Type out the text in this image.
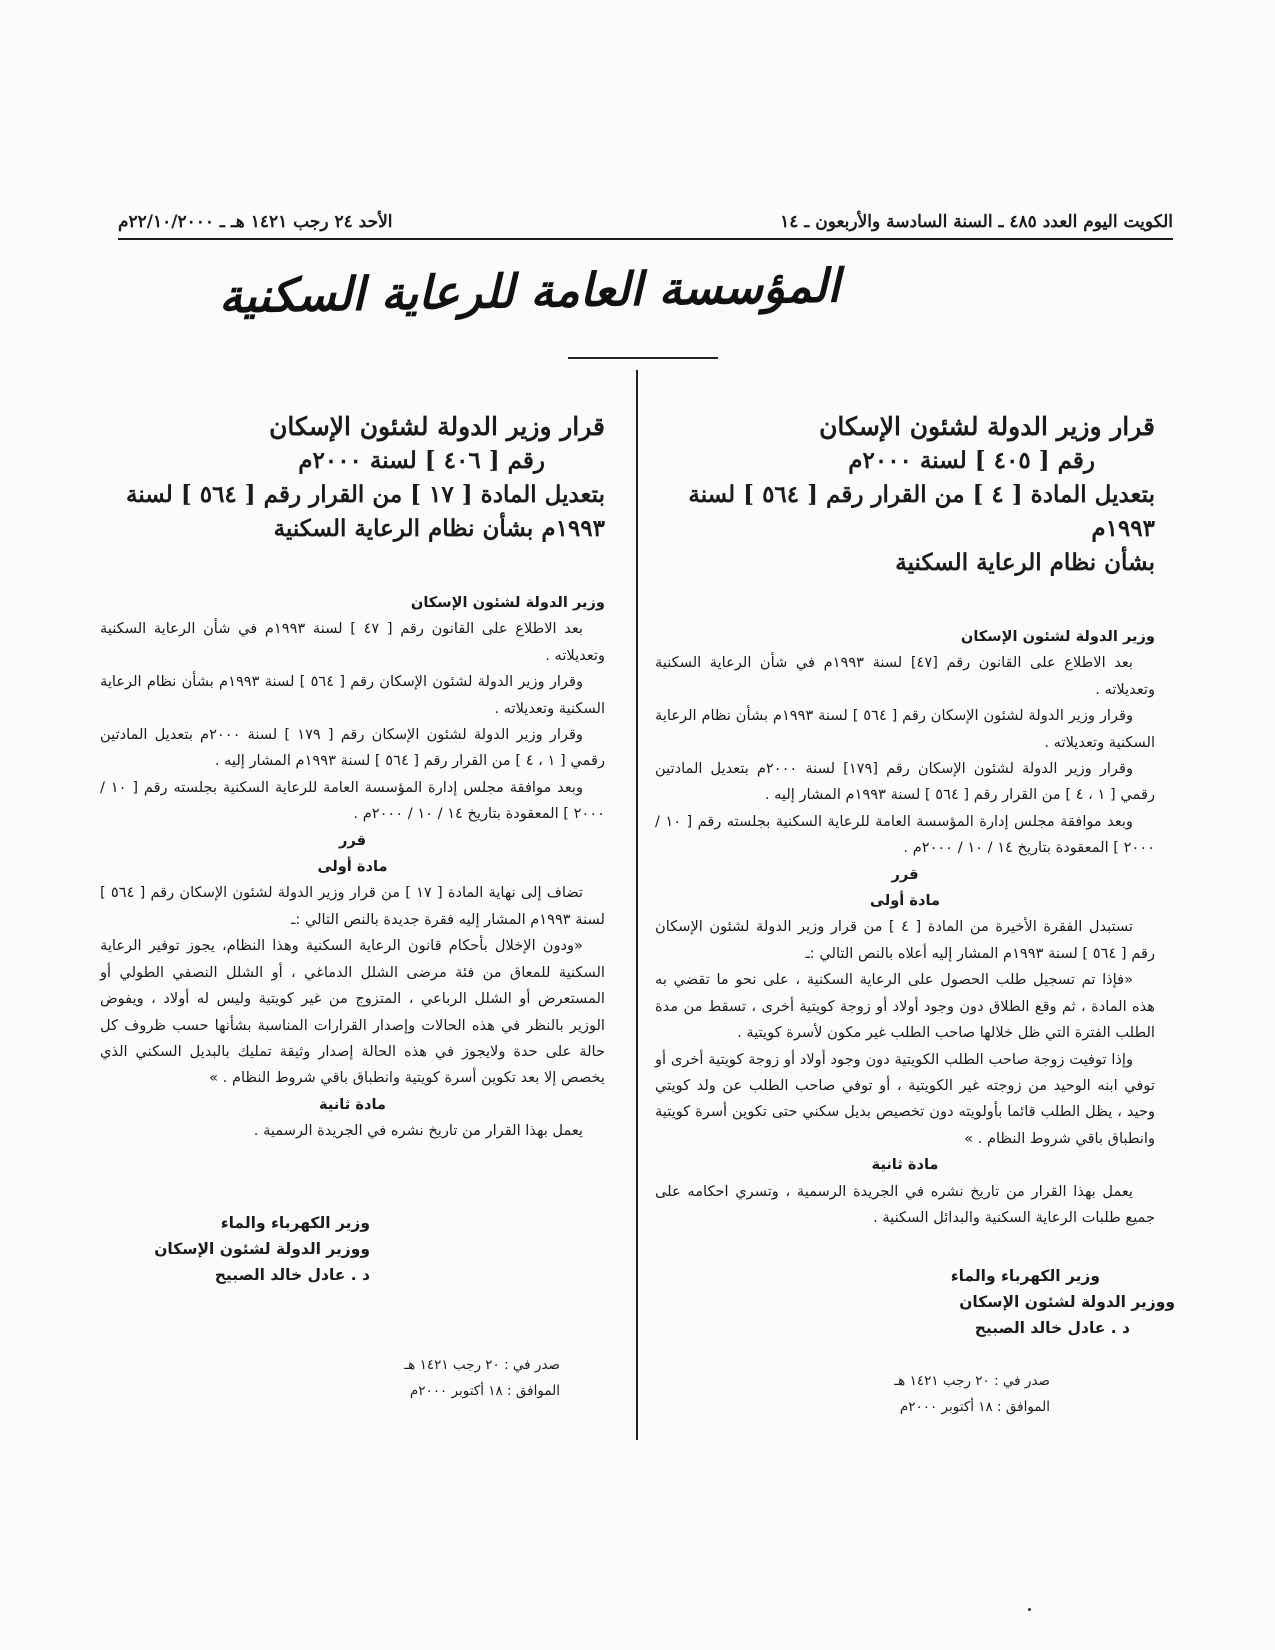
الكويت اليوم العدد ٤٨٥ ـ السنة السادسة والأربعون ـ ١٤
الأحد ٢٤ رجب ١٤٢١ هـ ـ ٢٢/١٠/٢٠٠٠م
المؤسسة العامة للرعاية السكنية

قرار وزير الدولة لشئون الإسكان

رقم [ ٤٠٥ ] لسنة ٢٠٠٠م

بتعديل المادة [ ٤ ] من القرار رقم [ ٥٦٤ ] لسنة ١٩٩٣م

بشأن نظام الرعاية السكنية

وزير الدولة لشئون الإسكان

بعد الاطلاع على القانون رقم [٤٧] لسنة ١٩٩٣م في شأن الرعاية السكنية وتعديلاته .

وقرار وزير الدولة لشئون الإسكان رقم [ ٥٦٤ ] لسنة ١٩٩٣م بشأن نظام الرعاية السكنية وتعديلاته .

وقرار وزير الدولة لشئون الإسكان رقم [١٧٩] لسنة ٢٠٠٠م بتعديل المادتين رقمي [ ١ ، ٤ ] من القرار رقم [ ٥٦٤ ] لسنة ١٩٩٣م المشار إليه .

وبعد موافقة مجلس إدارة المؤسسة العامة للرعاية السكنية بجلسته رقم [ ١٠ / ٢٠٠٠ ] المعقودة بتاريخ ١٤ / ١٠ / ٢٠٠٠م .

قرر

مادة أولى

تستبدل الفقرة الأخيرة من المادة [ ٤ ] من قرار وزير الدولة لشئون الإسكان رقم [ ٥٦٤ ] لسنة ١٩٩٣م المشار إليه أعلاه بالنص التالي :ـ

«فإذا تم تسجيل طلب الحصول على الرعاية السكنية ، على نحو ما تقضي به هذه المادة ، ثم وقع الطلاق دون وجود أولاد أو زوجة كويتية أخرى ، تسقط من مدة الطلب الفترة التي ظل خلالها صاحب الطلب غير مكون لأسرة كويتية .

وإذا توفيت زوجة صاحب الطلب الكويتية دون وجود أولاد أو زوجة كويتية أخرى أو توفي ابنه الوحيد من زوجته غير الكويتية ، أو توفي صاحب الطلب عن ولد كويتي وحيد ، يظل الطلب قائما بأولويته دون تخصيص بديل سكني حتى تكوين أسرة كويتية وانطباق باقي شروط النظام . »

مادة ثانية

يعمل بهذا القرار من تاريخ نشره في الجريدة الرسمية ، وتسري احكامه على جميع طلبات الرعاية السكنية والبدائل السكنية .

وزير الكهرباء والماء
ووزير الدولة لشئون الإسكان
د . عادل خالد الصبيح
صدر في : ٢٠ رجب ١٤٢١ هـ
الموافق : ١٨ أكتوبر ٢٠٠٠م

قرار وزير الدولة لشئون الإسكان

رقم [ ٤٠٦ ] لسنة ٢٠٠٠م

بتعديل المادة [ ١٧ ] من القرار رقم [ ٥٦٤ ] لسنة

١٩٩٣م بشأن نظام الرعاية السكنية

وزير الدولة لشئون الإسكان

بعد الاطلاع على القانون رقم [ ٤٧ ] لسنة ١٩٩٣م في شأن الرعاية السكنية وتعديلاته .

وقرار وزير الدولة لشئون الإسكان رقم [ ٥٦٤ ] لسنة ١٩٩٣م بشأن نظام الرعاية السكنية وتعديلاته .

وقرار وزير الدولة لشئون الإسكان رقم [ ١٧٩ ] لسنة ٢٠٠٠م بتعديل المادتين رقمي [ ١ ، ٤ ] من القرار رقم [ ٥٦٤ ] لسنة ١٩٩٣م المشار إليه .

وبعد موافقة مجلس إدارة المؤسسة العامة للرعاية السكنية بجلسته رقم [ ١٠ / ٢٠٠٠ ] المعقودة بتاريخ ١٤ / ١٠ / ٢٠٠٠م .

قرر

مادة أولى

تضاف إلى نهاية المادة [ ١٧ ] من قرار وزير الدولة لشئون الإسكان رقم [ ٥٦٤ ] لسنة ١٩٩٣م المشار إليه فقرة جديدة بالنص التالي :ـ

«ودون الإخلال بأحكام قانون الرعاية السكنية وهذا النظام، يجوز توفير الرعاية السكنية للمعاق من فئة مرضى الشلل الدماغي ، أو الشلل النصفي الطولي أو المستعرض أو الشلل الرباعي ، المتزوج من غير كويتية وليس له أولاد ، ويفوض الوزير بالنظر في هذه الحالات وإصدار القرارات المناسبة بشأنها حسب ظروف كل حالة على حدة ولايجوز في هذه الحالة إصدار وثيقة تمليك بالبديل السكني الذي يخصص إلا بعد تكوين أسرة كويتية وانطباق باقي شروط النظام . »

مادة ثانية

يعمل بهذا القرار من تاريخ نشره في الجريدة الرسمية .

وزير الكهرباء والماء
ووزير الدولة لشئون الإسكان
د . عادل خالد الصبيح
صدر في : ٢٠ رجب ١٤٢١ هـ
الموافق : ١٨ أكتوبر ٢٠٠٠م
